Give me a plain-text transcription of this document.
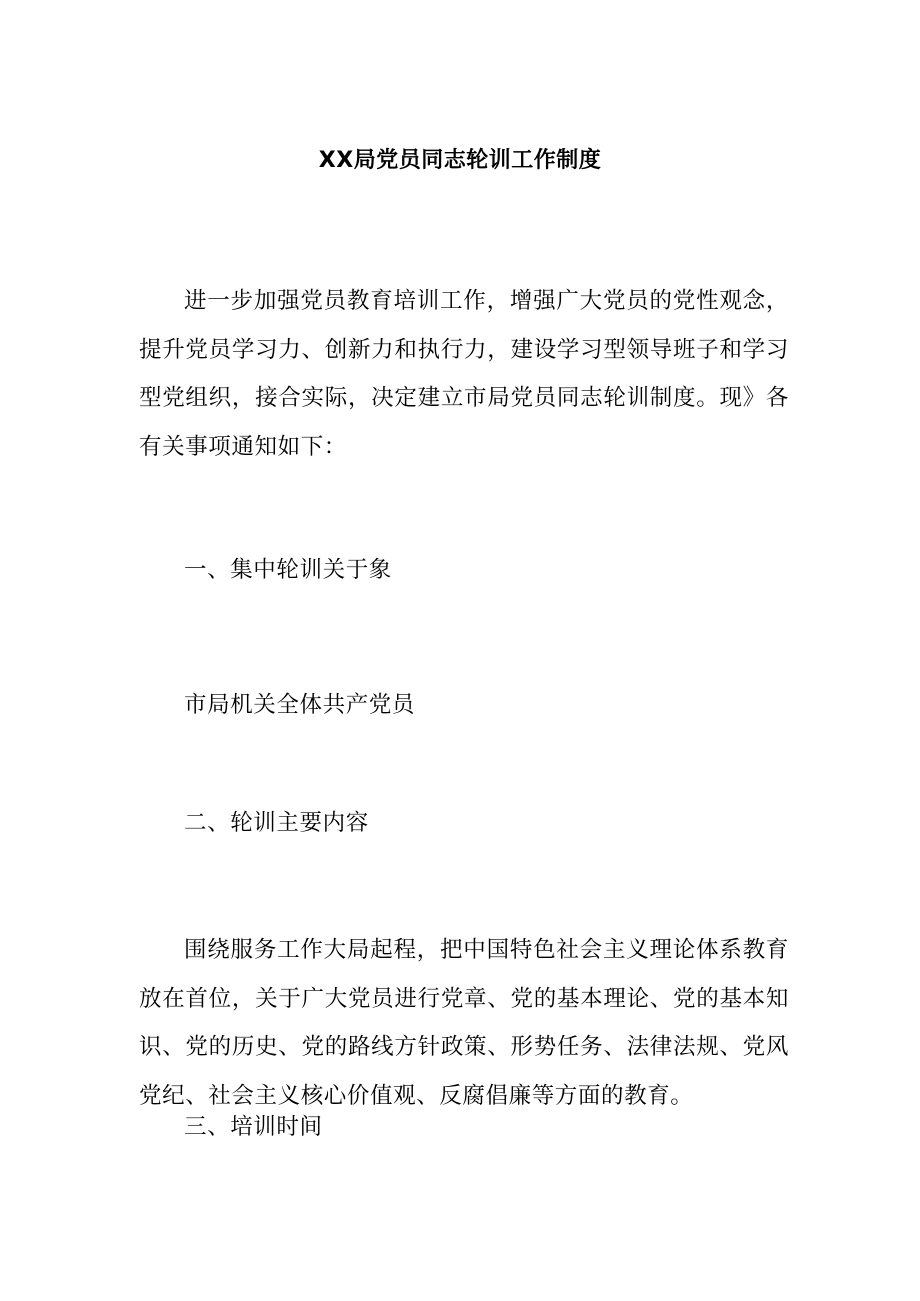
XX局党员同志轮训工作制度
进一步加强党员教育培训工作，增强广大党员的党性观念，提升党员学习力、创新力和执行力，建设学习型领导班子和学习型党组织，接合实际，决定建立市局党员同志轮训制度。现》各有关事项通知如下：
一、集中轮训关于象
市局机关全体共产党员
二、轮训主要内容
围绕服务工作大局起程，把中国特色社会主义理论体系教育放在首位，关于广大党员进行党章、党的基本理论、党的基本知识、党的历史、党的路线方针政策、形势任务、法律法规、党风党纪、社会主义核心价值观、反腐倡廉等方面的教育。
三、培训时间
